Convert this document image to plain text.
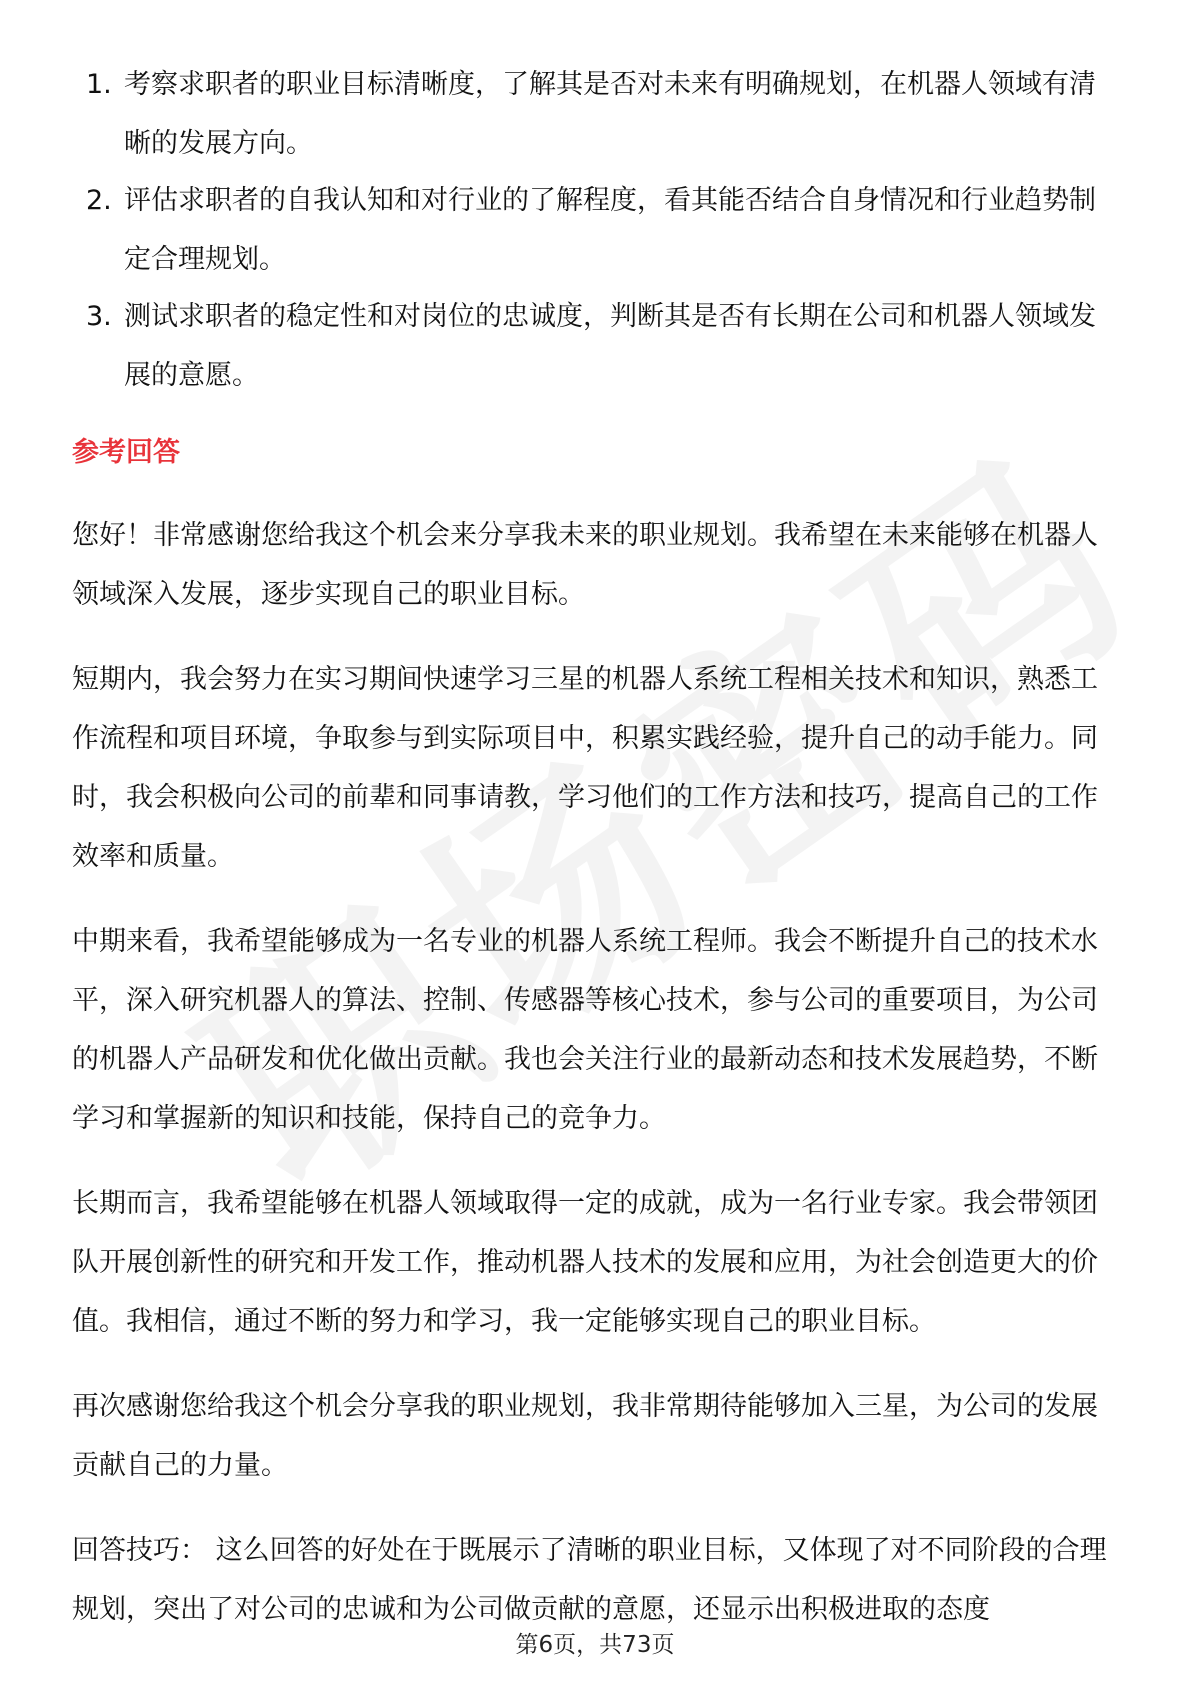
1. 考察求职者的职业目标清晰度，了解其是否对未来有明确规划，在机器人领域有清晰的发展方向。
2. 评估求职者的自我认知和对行业的了解程度，看其能否结合自身情况和行业趋势制定合理规划。
3. 测试求职者的稳定性和对岗位的忠诚度，判断其是否有长期在公司和机器人领域发展的意愿。
参考回答

您好！非常感谢您给我这个机会来分享我未来的职业规划。我希望在未来能够在机器人领域深入发展，逐步实现自己的职业目标。

短期内，我会努力在实习期间快速学习三星的机器人系统工程相关技术和知识，熟悉工作流程和项目环境，争取参与到实际项目中，积累实践经验，提升自己的动手能力。同时，我会积极向公司的前辈和同事请教，学习他们的工作方法和技巧，提高自己的工作效率和质量。

中期来看，我希望能够成为一名专业的机器人系统工程师。我会不断提升自己的技术水平，深入研究机器人的算法、控制、传感器等核心技术，参与公司的重要项目，为公司的机器人产品研发和优化做出贡献。我也会关注行业的最新动态和技术发展趋势，不断学习和掌握新的知识和技能，保持自己的竞争力。

长期而言，我希望能够在机器人领域取得一定的成就，成为一名行业专家。我会带领团队开展创新性的研究和开发工作，推动机器人技术的发展和应用，为社会创造更大的价值。我相信，通过不断的努力和学习，我一定能够实现自己的职业目标。

再次感谢您给我这个机会分享我的职业规划，我非常期待能够加入三星，为公司的发展贡献自己的力量。

回答技巧： 这么回答的好处在于既展示了清晰的职业目标，又体现了对不同阶段的合理规划，突出了对公司的忠诚和为公司做贡献的意愿，还显示出积极进取的态度

第6页，共73页
